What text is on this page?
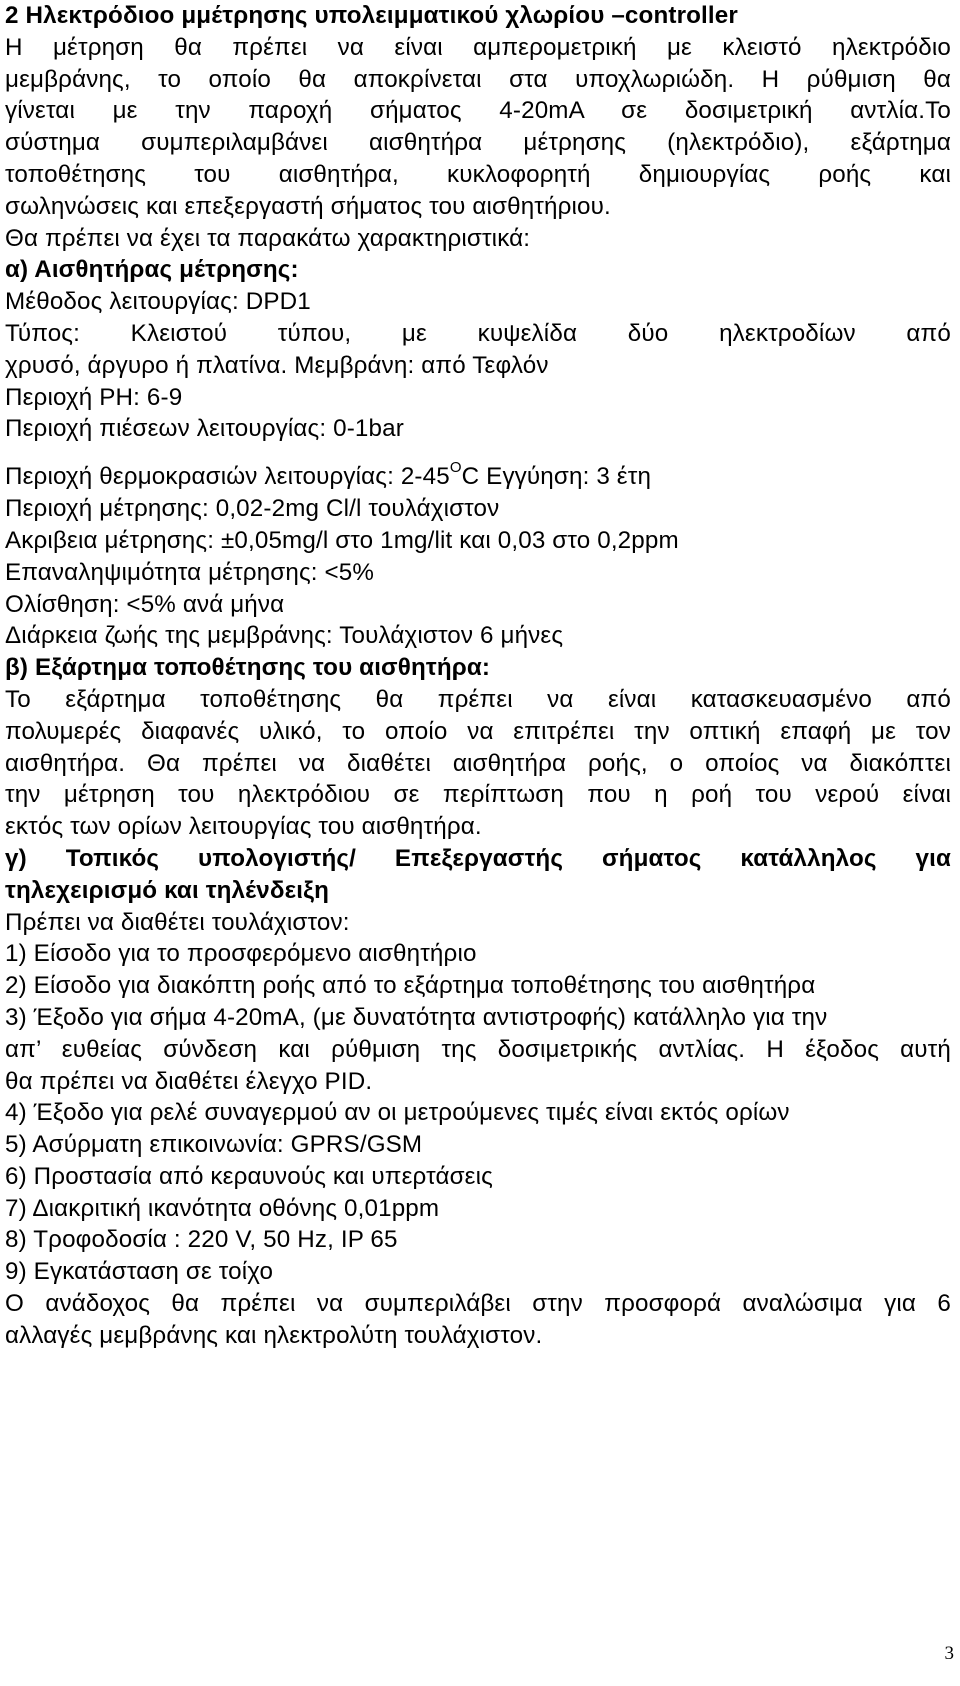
2 Ηλεκτρόδιοο μμέτρησης υπολειμματικού χλωρίου –controller
Η μέτρηση θα πρέπει να είναι αμπερομετρική με κλειστό ηλεκτρόδιο
μεμβράνης, το οποίο θα αποκρίνεται στα υποχλωριώδη. Η ρύθμιση θα
γίνεται με την παροχή σήματος 4-20mA σε δοσιμετρική αντλία.Το
σύστημα συμπεριλαμβάνει αισθητήρα μέτρησης (ηλεκτρόδιο), εξάρτημα
τοποθέτησης του αισθητήρα, κυκλοφορητή δημιουργίας ροής και
σωληνώσεις και επεξεργαστή σήματος του αισθητήριου.
Θα πρέπει να έχει τα παρακάτω χαρακτηριστικά:
α) Αισθητήρας μέτρησης:
Μέθοδος λειτουργίας: DPD1
Τύπος: Κλειστού τύπου, με κυψελίδα δύο ηλεκτροδίων από
χρυσό, άργυρο ή πλατίνα. Μεμβράνη: από Τεφλόν
Περιοχή PH: 6-9
Περιοχή πιέσεων λειτουργίας: 0-1bar
Περιοχή θερμοκρασιών λειτουργίας: $2-45^OC$ Εγγύηση: 3 έτη
Περιοχή μέτρησης: 0,02-2mg Cl/l τουλάχιστον
Ακριβεια μέτρησης: ±0,05mg/l στο 1mg/lit και 0,03 στο 0,2ppm
Επαναληψιμότητα μέτρησης: <5%
Ολίσθηση: <5% ανά μήνα
Διάρκεια ζωής της μεμβράνης: Τουλάχιστον 6 μήνες
β) Εξάρτημα τοποθέτησης του αισθητήρα:
Το εξάρτημα τοποθέτησης θα πρέπει να είναι κατασκευασμένο από
πολυμερές διαφανές υλικό, το οποίο να επιτρέπει την οπτική επαφή με τον
αισθητήρα. Θα πρέπει να διαθέτει αισθητήρα ροής, ο οποίος να διακόπτει
την μέτρηση του ηλεκτρόδιου σε περίπτωση που η ροή του νερού είναι
εκτός των ορίων λειτουργίας του αισθητήρα.
γ) Τοπικός υπολογιστής/ Επεξεργαστής σήματος κατάλληλος για
τηλεχειρισμό και τηλένδειξη
Πρέπει να διαθέτει τουλάχιστον:
1) Είσοδο για το προσφερόμενο αισθητήριο
2) Είσοδο για διακόπτη ροής από το εξάρτημα τοποθέτησης του αισθητήρα
3) Έξοδο για σήμα 4-20mA, (με δυνατότητα αντιστροφής) κατάλληλο για την
απ’ ευθείας σύνδεση και ρύθμιση της δοσιμετρικής αντλίας. Η έξοδος αυτή
θα πρέπει να διαθέτει έλεγχο PID.
4) Έξοδο για ρελέ συναγερμού αν οι μετρούμενες τιμές είναι εκτός ορίων
5) Ασύρματη επικοινωνία: GPRS/GSM
6) Προστασία από κεραυνούς και υπερτάσεις
7) Διακριτική ικανότητα οθόνης 0,01ppm
8) Τροφοδοσία : 220 V, 50 Hz, IP 65
9) Εγκατάσταση σε τοίχο
Ο ανάδοχος θα πρέπει να συμπεριλάβει στην προσφορά αναλώσιμα για 6
αλλαγές μεμβράνης και ηλεκτρολύτη τουλάχιστον.
3
